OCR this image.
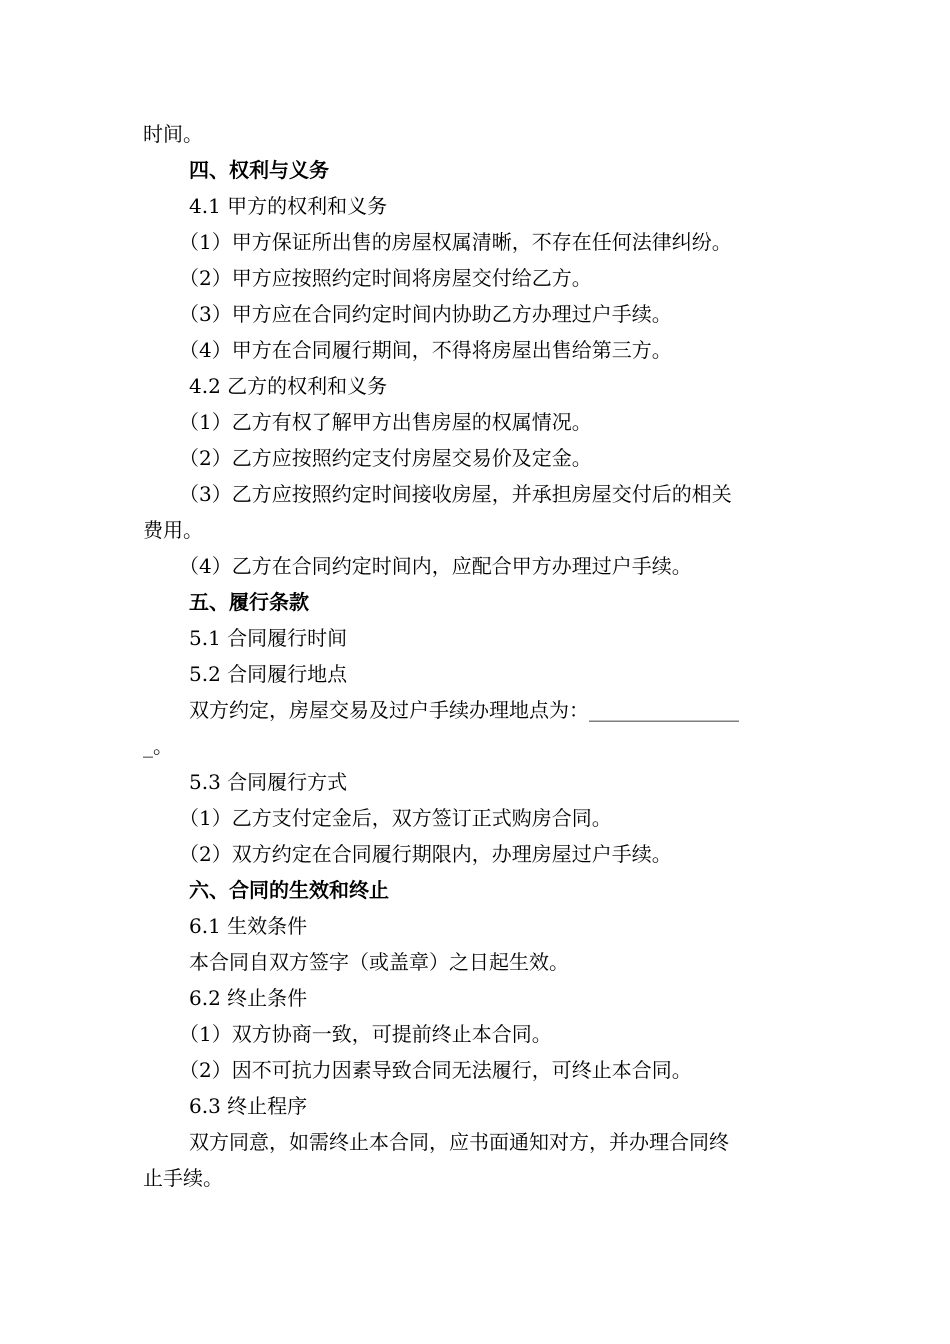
时间。
四、权利与义务
4.1 甲方的权利和义务
（1）甲方保证所出售的房屋权属清晰，不存在任何法律纠纷。
（2）甲方应按照约定时间将房屋交付给乙方。
（3）甲方应在合同约定时间内协助乙方办理过户手续。
（4）甲方在合同履行期间，不得将房屋出售给第三方。
4.2 乙方的权利和义务
（1）乙方有权了解甲方出售房屋的权属情况。
（2）乙方应按照约定支付房屋交易价及定金。
（3）乙方应按照约定时间接收房屋，并承担房屋交付后的相关
费用。
（4）乙方在合同约定时间内，应配合甲方办理过户手续。
五、履行条款
5.1 合同履行时间
5.2 合同履行地点
双方约定，房屋交易及过户手续办理地点为：_______________
_。
5.3 合同履行方式
（1）乙方支付定金后，双方签订正式购房合同。
（2）双方约定在合同履行期限内，办理房屋过户手续。
六、合同的生效和终止
6.1 生效条件
本合同自双方签字（或盖章）之日起生效。
6.2 终止条件
（1）双方协商一致，可提前终止本合同。
（2）因不可抗力因素导致合同无法履行，可终止本合同。
6.3 终止程序
双方同意，如需终止本合同，应书面通知对方，并办理合同终
止手续。
